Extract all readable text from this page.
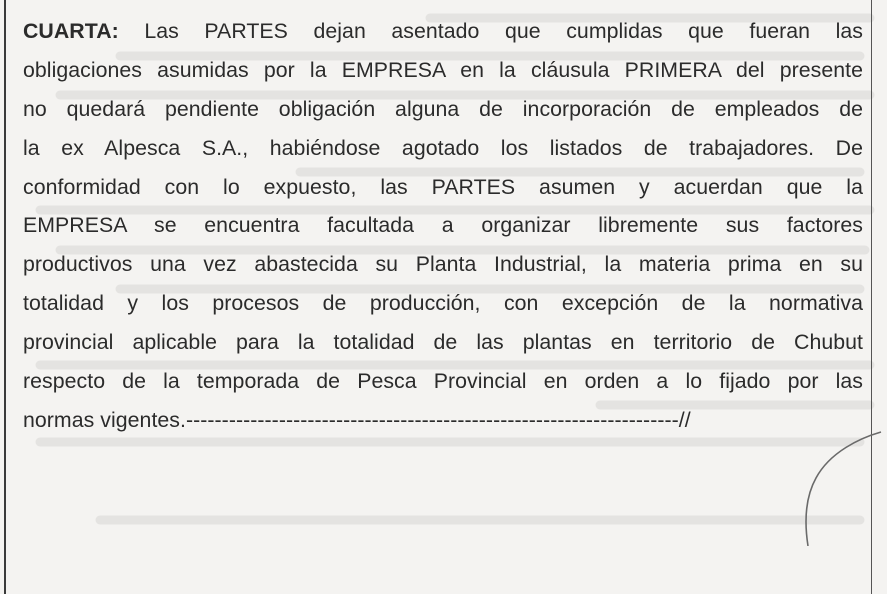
CUARTA: Las PARTES dejan asentado que cumplidas que fueran las
obligaciones asumidas por la EMPRESA en la cláusula PRIMERA del presente
no quedará pendiente obligación alguna de incorporación de empleados de
la ex Alpesca S.A., habiéndose agotado los listados de trabajadores. De
conformidad con lo expuesto, las PARTES asumen y acuerdan que la
EMPRESA se encuentra facultada a organizar libremente sus factores
productivos una vez abastecida su Planta Industrial, la materia prima en su
totalidad y los procesos de producción, con excepción de la normativa
provincial aplicable para la totalidad de las plantas en territorio de Chubut
respecto de la temporada de Pesca Provincial en orden a lo fijado por las
normas vigentes.---------------------------------------------------------------------//
